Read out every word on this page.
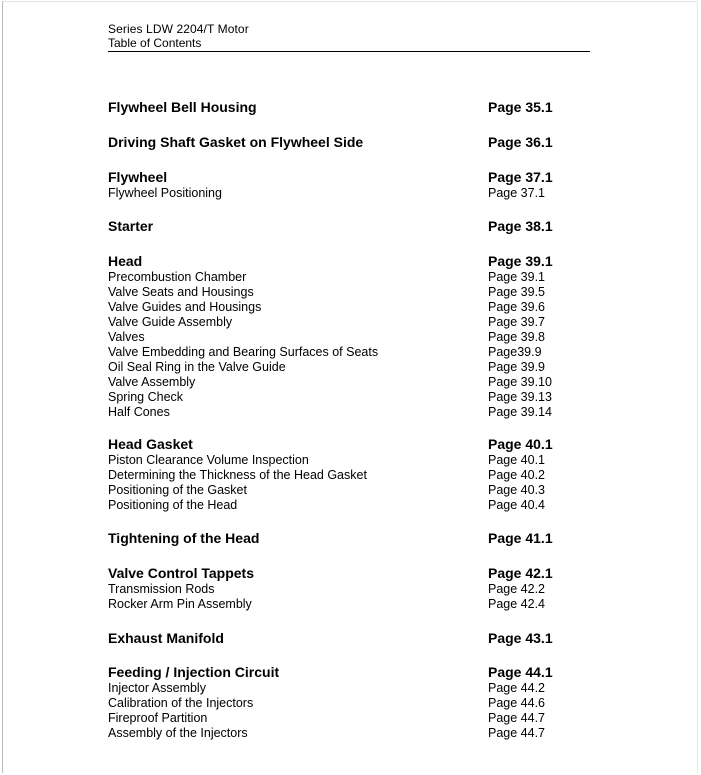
Series LDW 2204/T Motor
Table of Contents
Flywheel Bell Housing	Page 35.1
Driving Shaft Gasket on Flywheel Side	Page 36.1
Flywheel	Page 37.1
Flywheel Positioning	Page 37.1
Starter	Page 38.1
Head	Page 39.1
Precombustion Chamber	Page 39.1
Valve Seats and Housings	Page 39.5
Valve Guides and Housings	Page 39.6
Valve Guide Assembly	Page 39.7
Valves	Page 39.8
Valve Embedding and Bearing Surfaces of Seats	Page39.9
Oil Seal Ring in the Valve Guide	Page 39.9
Valve Assembly	Page 39.10
Spring Check	Page 39.13
Half Cones	Page 39.14
Head Gasket	Page 40.1
Piston Clearance Volume Inspection	Page 40.1
Determining the Thickness of the Head Gasket	Page 40.2
Positioning of the Gasket	Page 40.3
Positioning of the Head	Page 40.4
Tightening of the Head	Page 41.1
Valve Control Tappets	Page 42.1
Transmission Rods	Page 42.2
Rocker Arm Pin Assembly	Page 42.4
Exhaust Manifold	Page 43.1
Feeding / Injection Circuit	Page 44.1
Injector Assembly	Page 44.2
Calibration of the Injectors	Page 44.6
Fireproof Partition	Page 44.7
Assembly of the Injectors	Page 44.7
